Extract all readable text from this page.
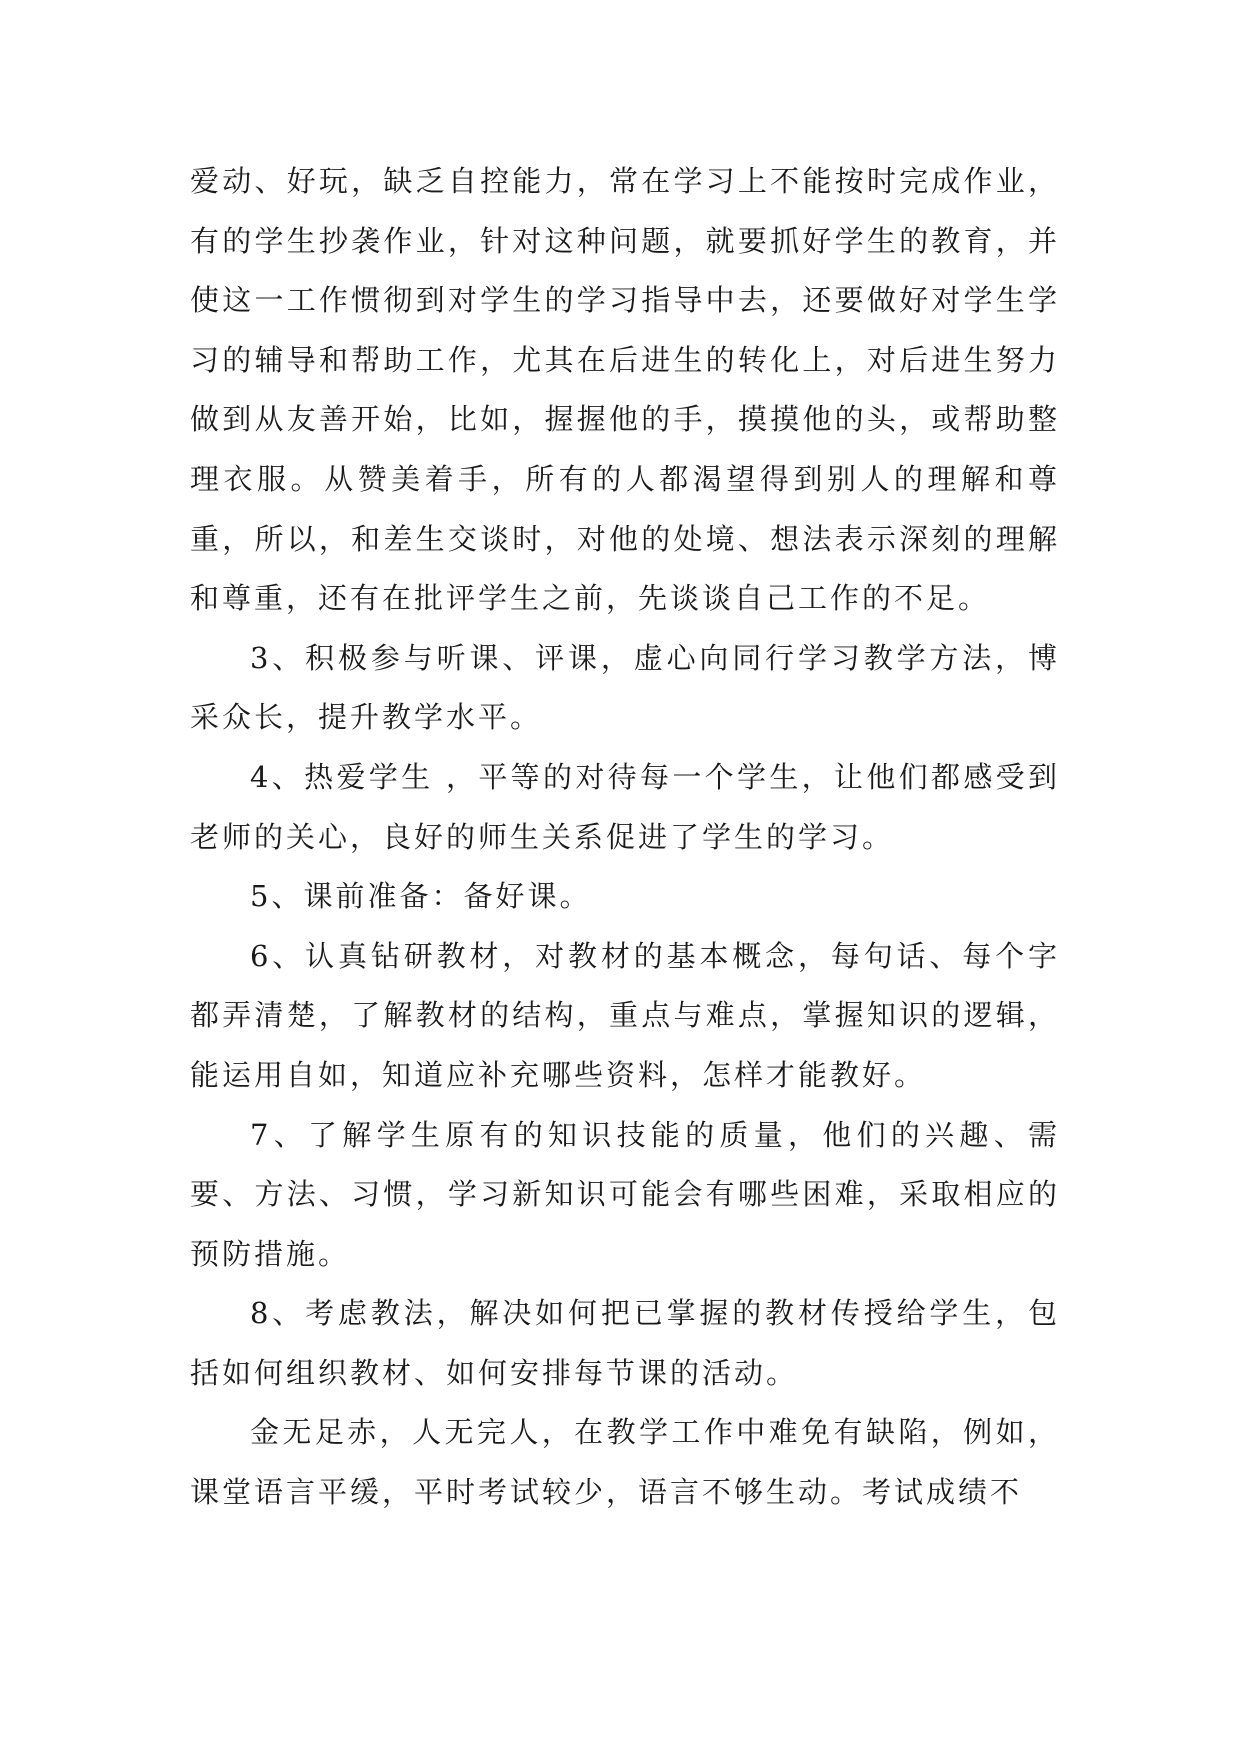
爱动、好玩，缺乏自控能力，常在学习上不能按时完成作业，有的学生抄袭作业，针对这种问题，就要抓好学生的教育，并使这一工作惯彻到对学生的学习指导中去，还要做好对学生学习的辅导和帮助工作，尤其在后进生的转化上，对后进生努力做到从友善开始，比如，握握他的手，摸摸他的头，或帮助整理衣服。从赞美着手，所有的人都渴望得到别人的理解和尊重，所以，和差生交谈时，对他的处境、想法表示深刻的理解和尊重，还有在批评学生之前，先谈谈自己工作的不足。

3、积极参与听课、评课，虚心向同行学习教学方法，博采众长，提升教学水平。

4、热爱学生 ，平等的对待每一个学生，让他们都感受到老师的关心，良好的师生关系促进了学生的学习。

5、课前准备：备好课。

6、认真钻研教材，对教材的基本概念，每句话、每个字都弄清楚，了解教材的结构，重点与难点，掌握知识的逻辑，能运用自如，知道应补充哪些资料，怎样才能教好。

7、了解学生原有的知识技能的质量，他们的兴趣、需要、方法、习惯，学习新知识可能会有哪些困难，采取相应的预防措施。

8、考虑教法，解决如何把已掌握的教材传授给学生，包括如何组织教材、如何安排每节课的活动。

金无足赤，人无完人，在教学工作中难免有缺陷，例如，课堂语言平缓，平时考试较少，语言不够生动。考试成绩不
